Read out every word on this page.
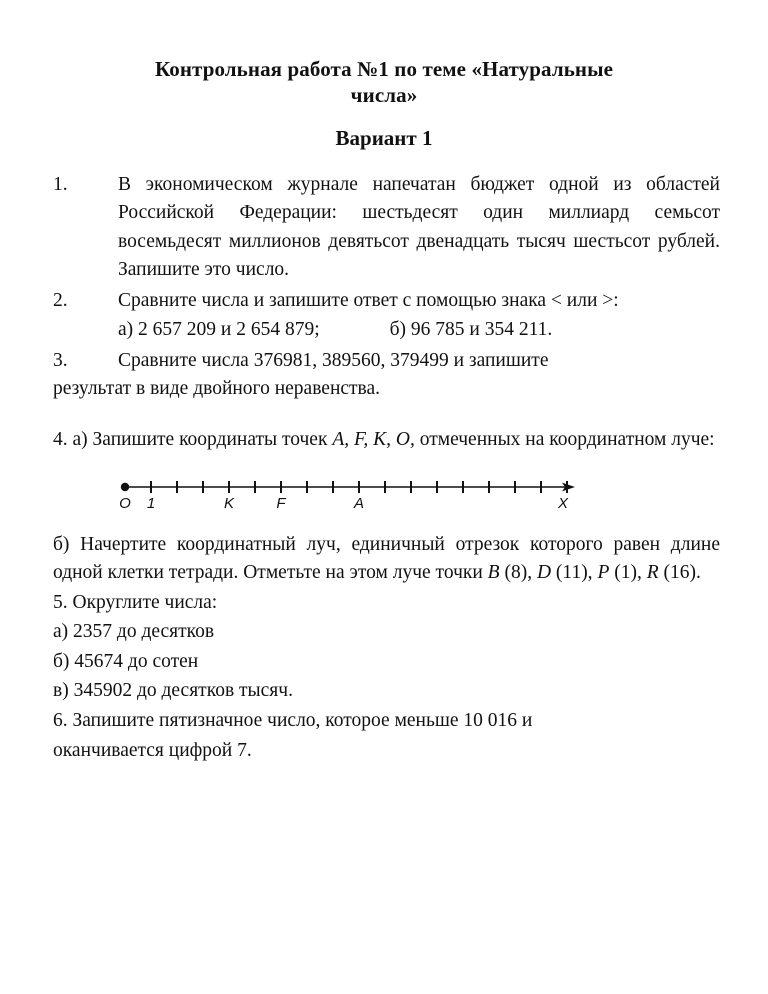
Контрольная работа №1 по теме «Натуральные
числа»
Вариант 1
1.	В экономическом журнале напечатан бюджет одной из областей Российской Федерации: шестьдесят один миллиард семьсот восемьдесят миллионов девятьсот двенадцать тысяч шестьсот рублей. Запишите это число.
2.	Сравните числа и запишите ответ с помощью знака < или >:
а) 2 657 209 и 2 654 879;	б) 96 785 и 354 211.
3.	Сравните числа 376981, 389560, 379499 и запишите
результат в виде двойного неравенства.
4. а) Запишите координаты точек A, F, K, O, отмеченных на координатном луче:
O 1	K	F	A	X
б) Начертите координатный луч, единичный отрезок которого равен длине одной клетки тетради. Отметьте на этом луче точки B (8), D (11), P (1), R (16).
5. Округлите числа:
а) 2357 до десятков
б) 45674 до сотен
в) 345902 до десятков тысяч.
6. Запишите пятизначное число, которое меньше 10 016 и
оканчивается цифрой 7.
